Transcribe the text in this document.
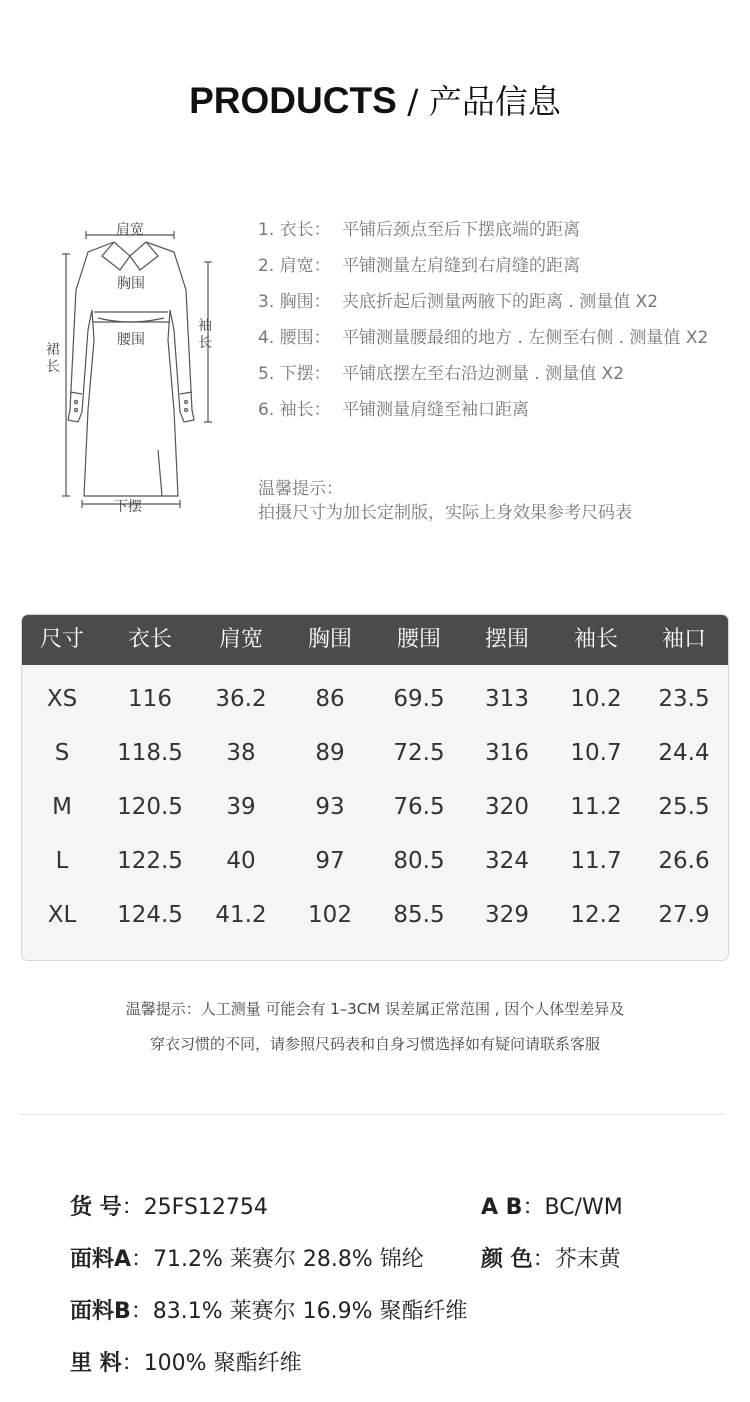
PRODUCTS / 产品信息
肩宽
胸围
腰围
下摆
裙长
袖长
1. 衣长： 平铺后颈点至后下摆底端的距离
2. 肩宽： 平铺测量左肩缝到右肩缝的距离
3. 胸围： 夹底折起后测量两腋下的距离 . 测量值 X2
4. 腰围： 平铺测量腰最细的地方 . 左侧至右侧 . 测量值 X2
5. 下摆： 平铺底摆左至右沿边测量 . 测量值 X2
6. 袖长： 平铺测量肩缝至袖口距离
温馨提示：
拍摄尺寸为加长定制版，实际上身效果参考尺码表
尺寸	衣长	肩宽	胸围	腰围	摆围	袖长	袖口
XS	116	36.2	86	69.5	313	10.2	23.5
S	118.5	38	89	72.5	316	10.7	24.4
M	120.5	39	93	76.5	320	11.2	25.5
L	122.5	40	97	80.5	324	11.7	26.6
XL	124.5	41.2	102	85.5	329	12.2	27.9
温馨提示：人工测量 可能会有 1–3CM 误差属正常范围 , 因个人体型差异及
穿衣习惯的不同，请参照尺码表和自身习惯选择如有疑问请联系客服
货 号：25FS12754	A B：BC/WM
面料A：71.2% 莱赛尔 28.8% 锦纶	颜 色：芥末黄
面料B：83.1% 莱赛尔 16.9% 聚酯纤维
里 料：100% 聚酯纤维
